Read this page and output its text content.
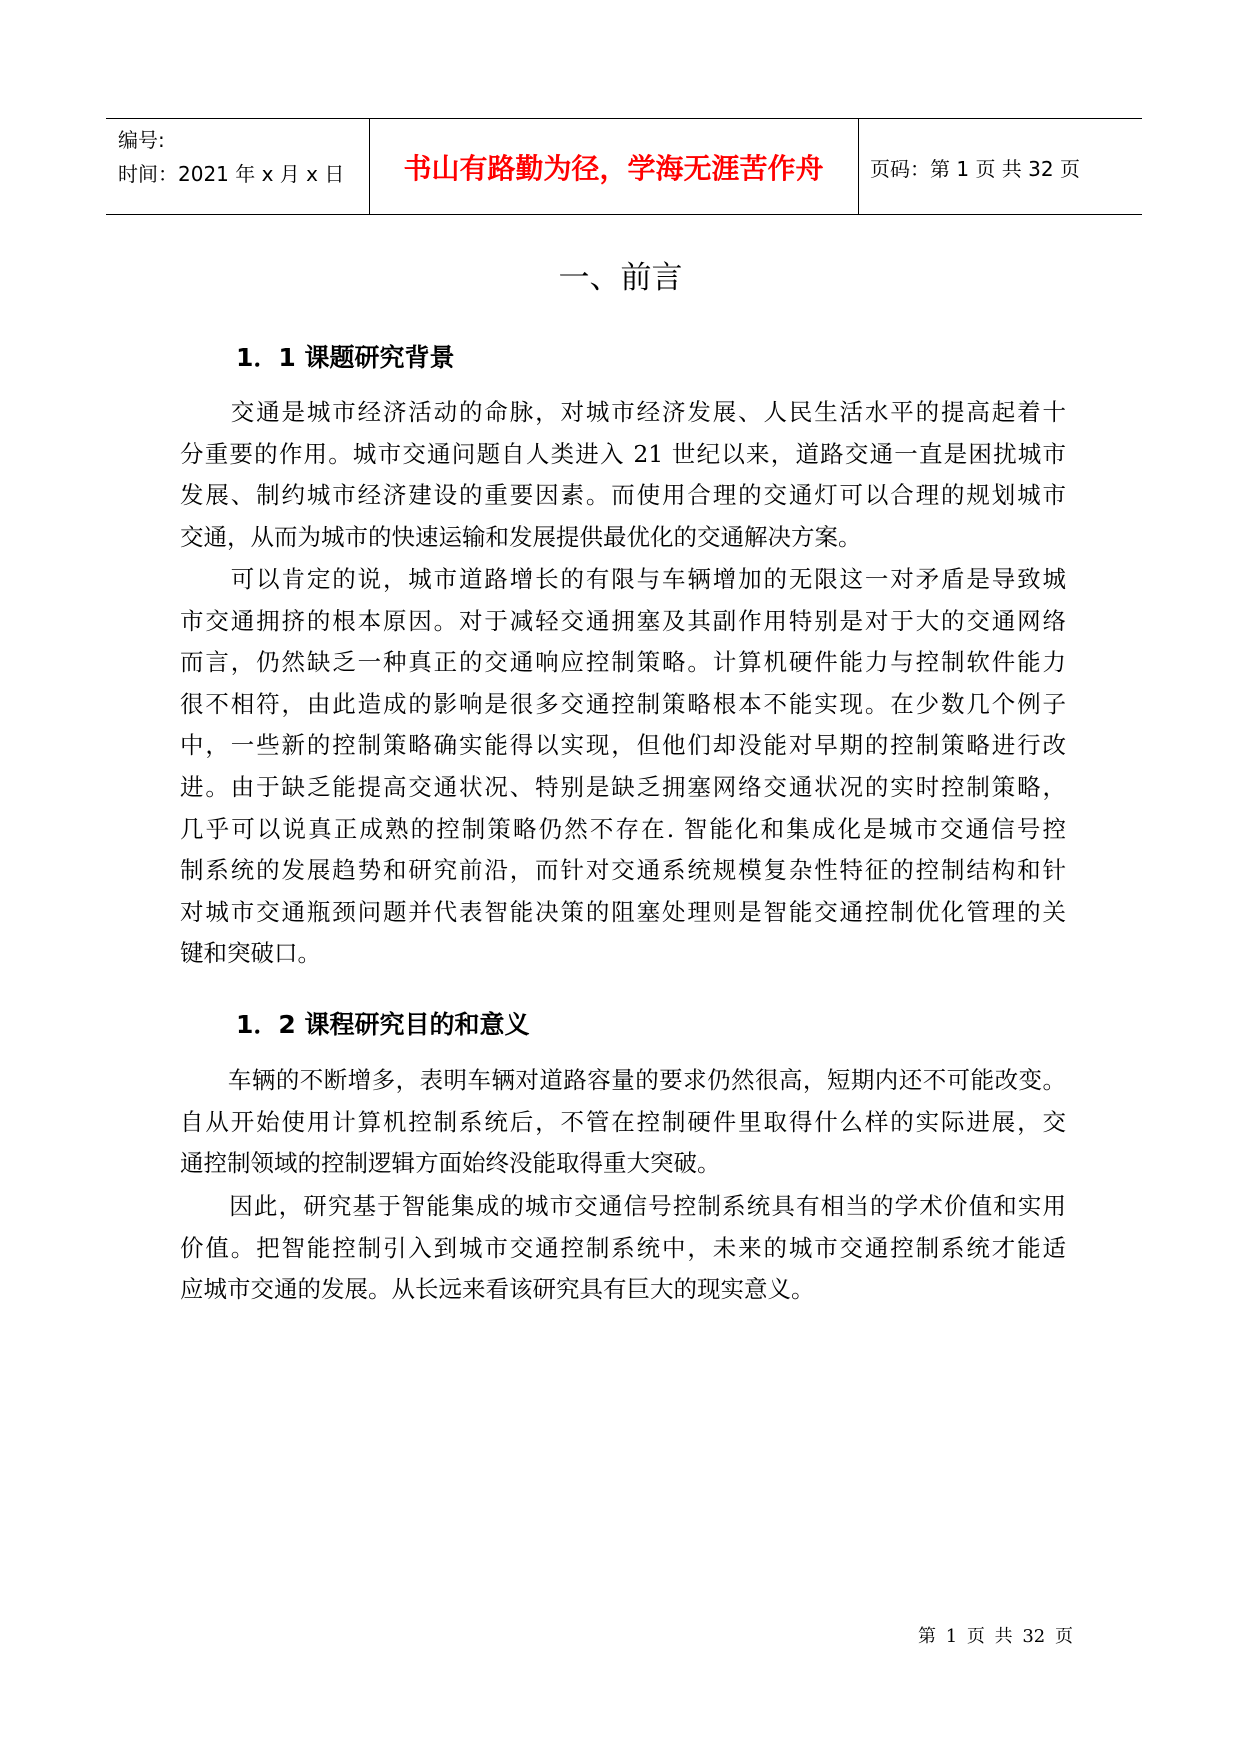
编号:
时间：2021 年 x 月 x 日	书山有路勤为径，学海无涯苦作舟	页码：第 1 页 共 32 页
一、前言
1．1 课题研究背景
　　交通是城市经济活动的命脉，对城市经济发展、人民生活水平的提高起着十
分重要的作用。城市交通问题自人类进入 21 世纪以来，道路交通一直是困扰城市
发展、制约城市经济建设的重要因素。而使用合理的交通灯可以合理的规划城市
交通，从而为城市的快速运输和发展提供最优化的交通解决方案。
　　可以肯定的说，城市道路增长的有限与车辆增加的无限这一对矛盾是导致城
市交通拥挤的根本原因。对于减轻交通拥塞及其副作用特别是对于大的交通网络
而言，仍然缺乏一种真正的交通响应控制策略。计算机硬件能力与控制软件能力
很不相符，由此造成的影响是很多交通控制策略根本不能实现。在少数几个例子
中，一些新的控制策略确实能得以实现，但他们却没能对早期的控制策略进行改
进。由于缺乏能提高交通状况、特别是缺乏拥塞网络交通状况的实时控制策略，
几乎可以说真正成熟的控制策略仍然不存在. 智能化和集成化是城市交通信号控
制系统的发展趋势和研究前沿，而针对交通系统规模复杂性特征的控制结构和针
对城市交通瓶颈问题并代表智能决策的阻塞处理则是智能交通控制优化管理的关
键和突破口。
1．2 课程研究目的和意义
　　车辆的不断增多，表明车辆对道路容量的要求仍然很高，短期内还不可能改变。
自从开始使用计算机控制系统后，不管在控制硬件里取得什么样的实际进展，交
通控制领域的控制逻辑方面始终没能取得重大突破。
　　因此，研究基于智能集成的城市交通信号控制系统具有相当的学术价值和实用
价值。把智能控制引入到城市交通控制系统中，未来的城市交通控制系统才能适
应城市交通的发展。从长远来看该研究具有巨大的现实意义。
第 1 页 共 32 页
